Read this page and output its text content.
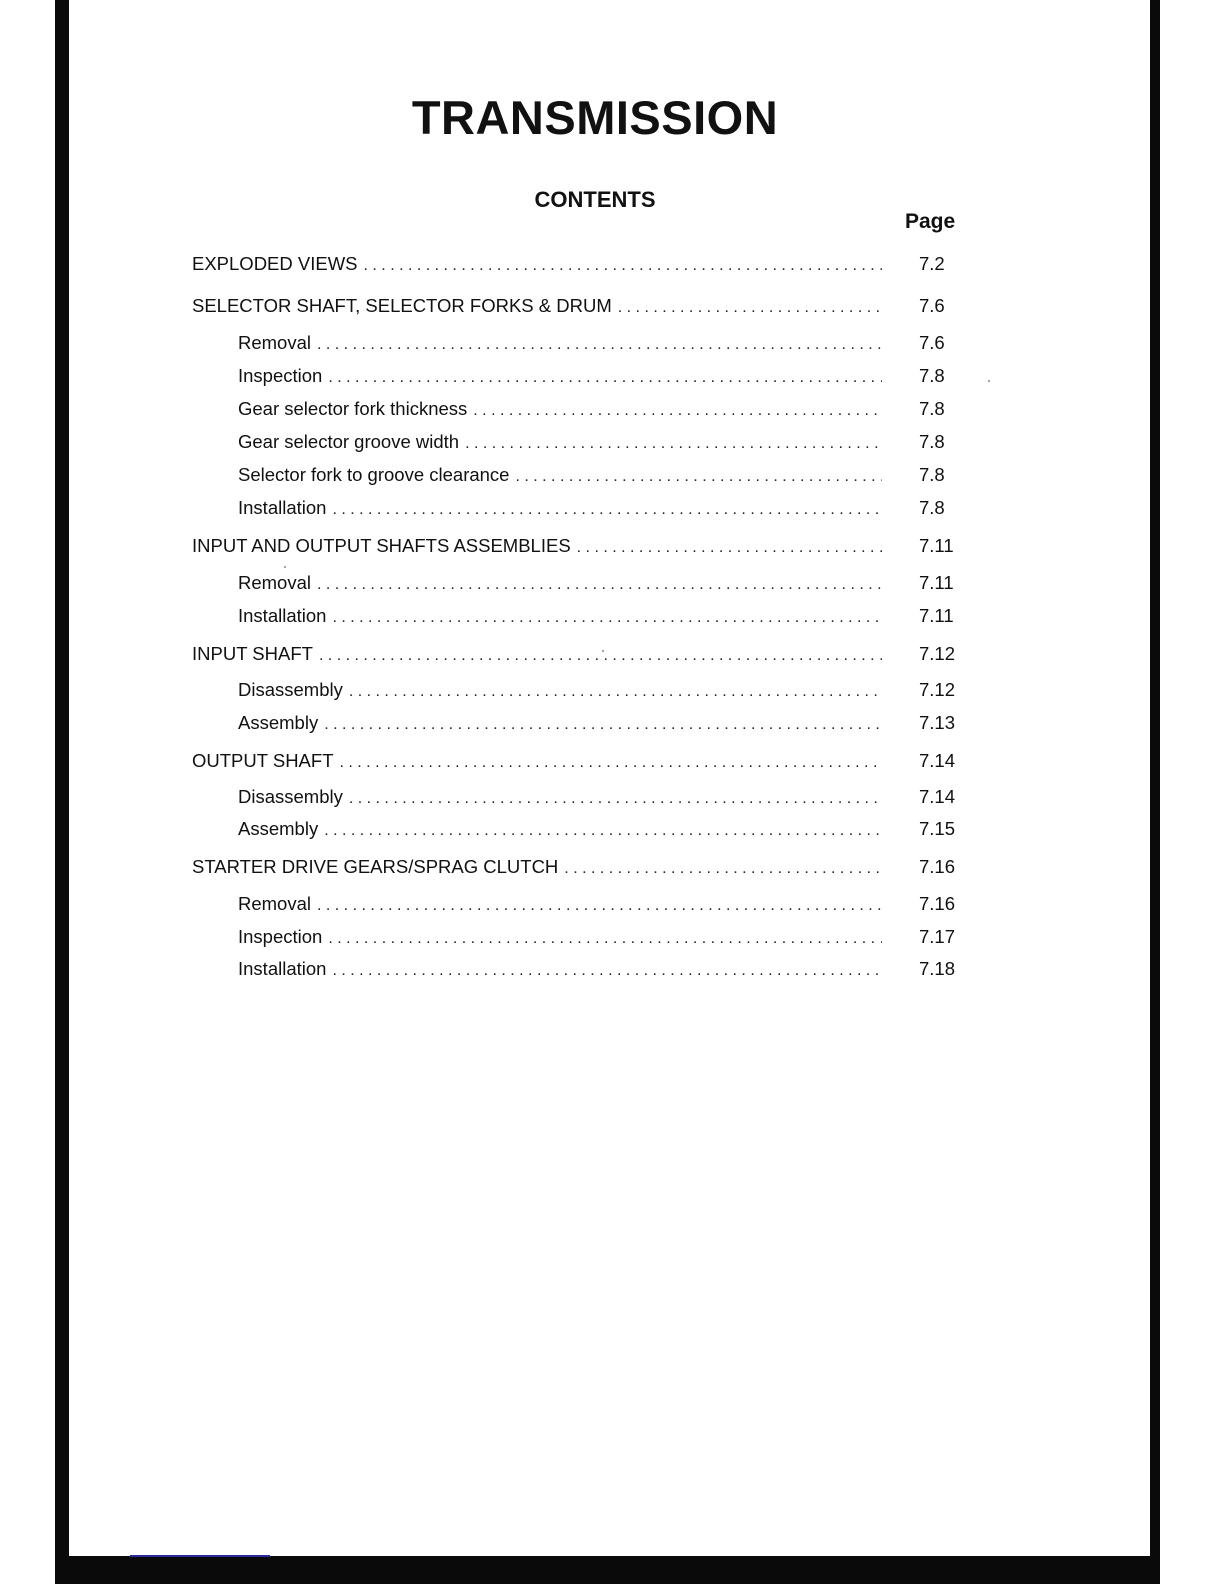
TRANSMISSION
CONTENTS
Page
EXPLODED VIEWS . . .	7.2
SELECTOR SHAFT, SELECTOR FORKS & DRUM . . .	7.6
Removal . . .	7.6
Inspection . . .	7.8
Gear selector fork thickness . . .	7.8
Gear selector groove width . . .	7.8
Selector fork to groove clearance . . .	7.8
Installation . . .	7.8
INPUT AND OUTPUT SHAFTS ASSEMBLIES . . .	7.11
Removal . . .	7.11
Installation . . .	7.11
INPUT SHAFT . . .	7.12
Disassembly . . .	7.12
Assembly . . .	7.13
OUTPUT SHAFT . . .	7.14
Disassembly . . .	7.14
Assembly . . .	7.15
STARTER DRIVE GEARS/SPRAG CLUTCH . . .	7.16
Removal . . .	7.16
Inspection . . .	7.17
Installation . . .	7.18
